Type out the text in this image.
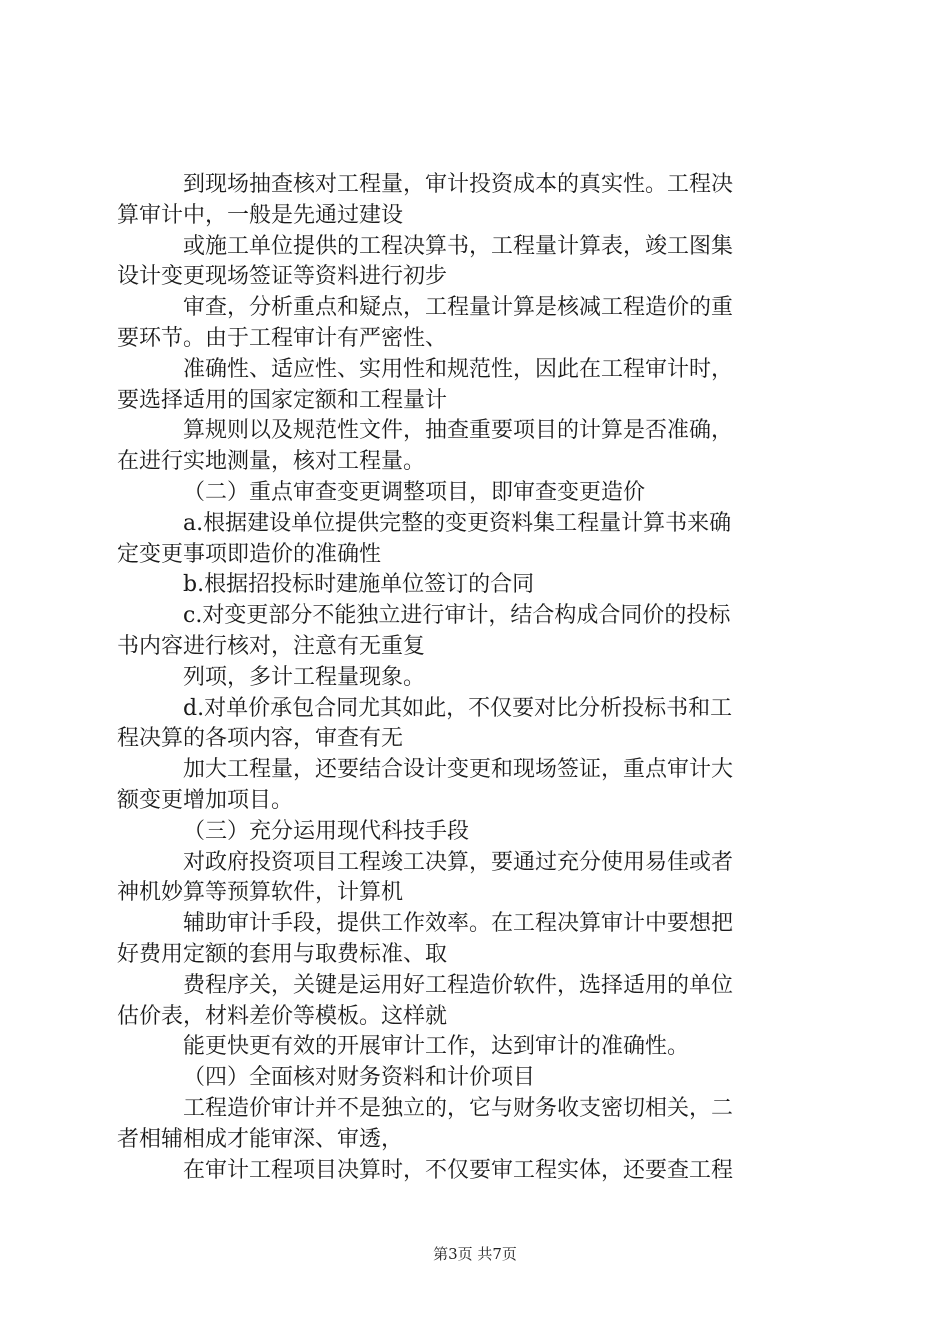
到现场抽查核对工程量，审计投资成本的真实性。工程决
算审计中，一般是先通过建设

或施工单位提供的工程决算书，工程量计算表，竣工图集
设计变更现场签证等资料进行初步

审查，分析重点和疑点，工程量计算是核减工程造价的重
要环节。由于工程审计有严密性、

准确性、适应性、实用性和规范性，因此在工程审计时，
要选择适用的国家定额和工程量计

算规则以及规范性文件，抽查重要项目的计算是否准确，
在进行实地测量，核对工程量。

（二）重点审查变更调整项目，即审查变更造价

a.根据建设单位提供完整的变更资料集工程量计算书来确
定变更事项即造价的准确性

b.根据招投标时建施单位签订的合同

c.对变更部分不能独立进行审计，结合构成合同价的投标
书内容进行核对，注意有无重复

列项，多计工程量现象。

d.对单价承包合同尤其如此，不仅要对比分析投标书和工
程决算的各项内容，审查有无

加大工程量，还要结合设计变更和现场签证，重点审计大
额变更增加项目。

（三）充分运用现代科技手段

对政府投资项目工程竣工决算，要通过充分使用易佳或者
神机妙算等预算软件，计算机

辅助审计手段，提供工作效率。在工程决算审计中要想把
好费用定额的套用与取费标准、取

费程序关，关键是运用好工程造价软件，选择适用的单位
估价表，材料差价等模板。这样就

能更快更有效的开展审计工作，达到审计的准确性。

（四）全面核对财务资料和计价项目

工程造价审计并不是独立的，它与财务收支密切相关，二
者相辅相成才能审深、审透，

在审计工程项目决算时，不仅要审工程实体，还要查工程

第3页 共7页
